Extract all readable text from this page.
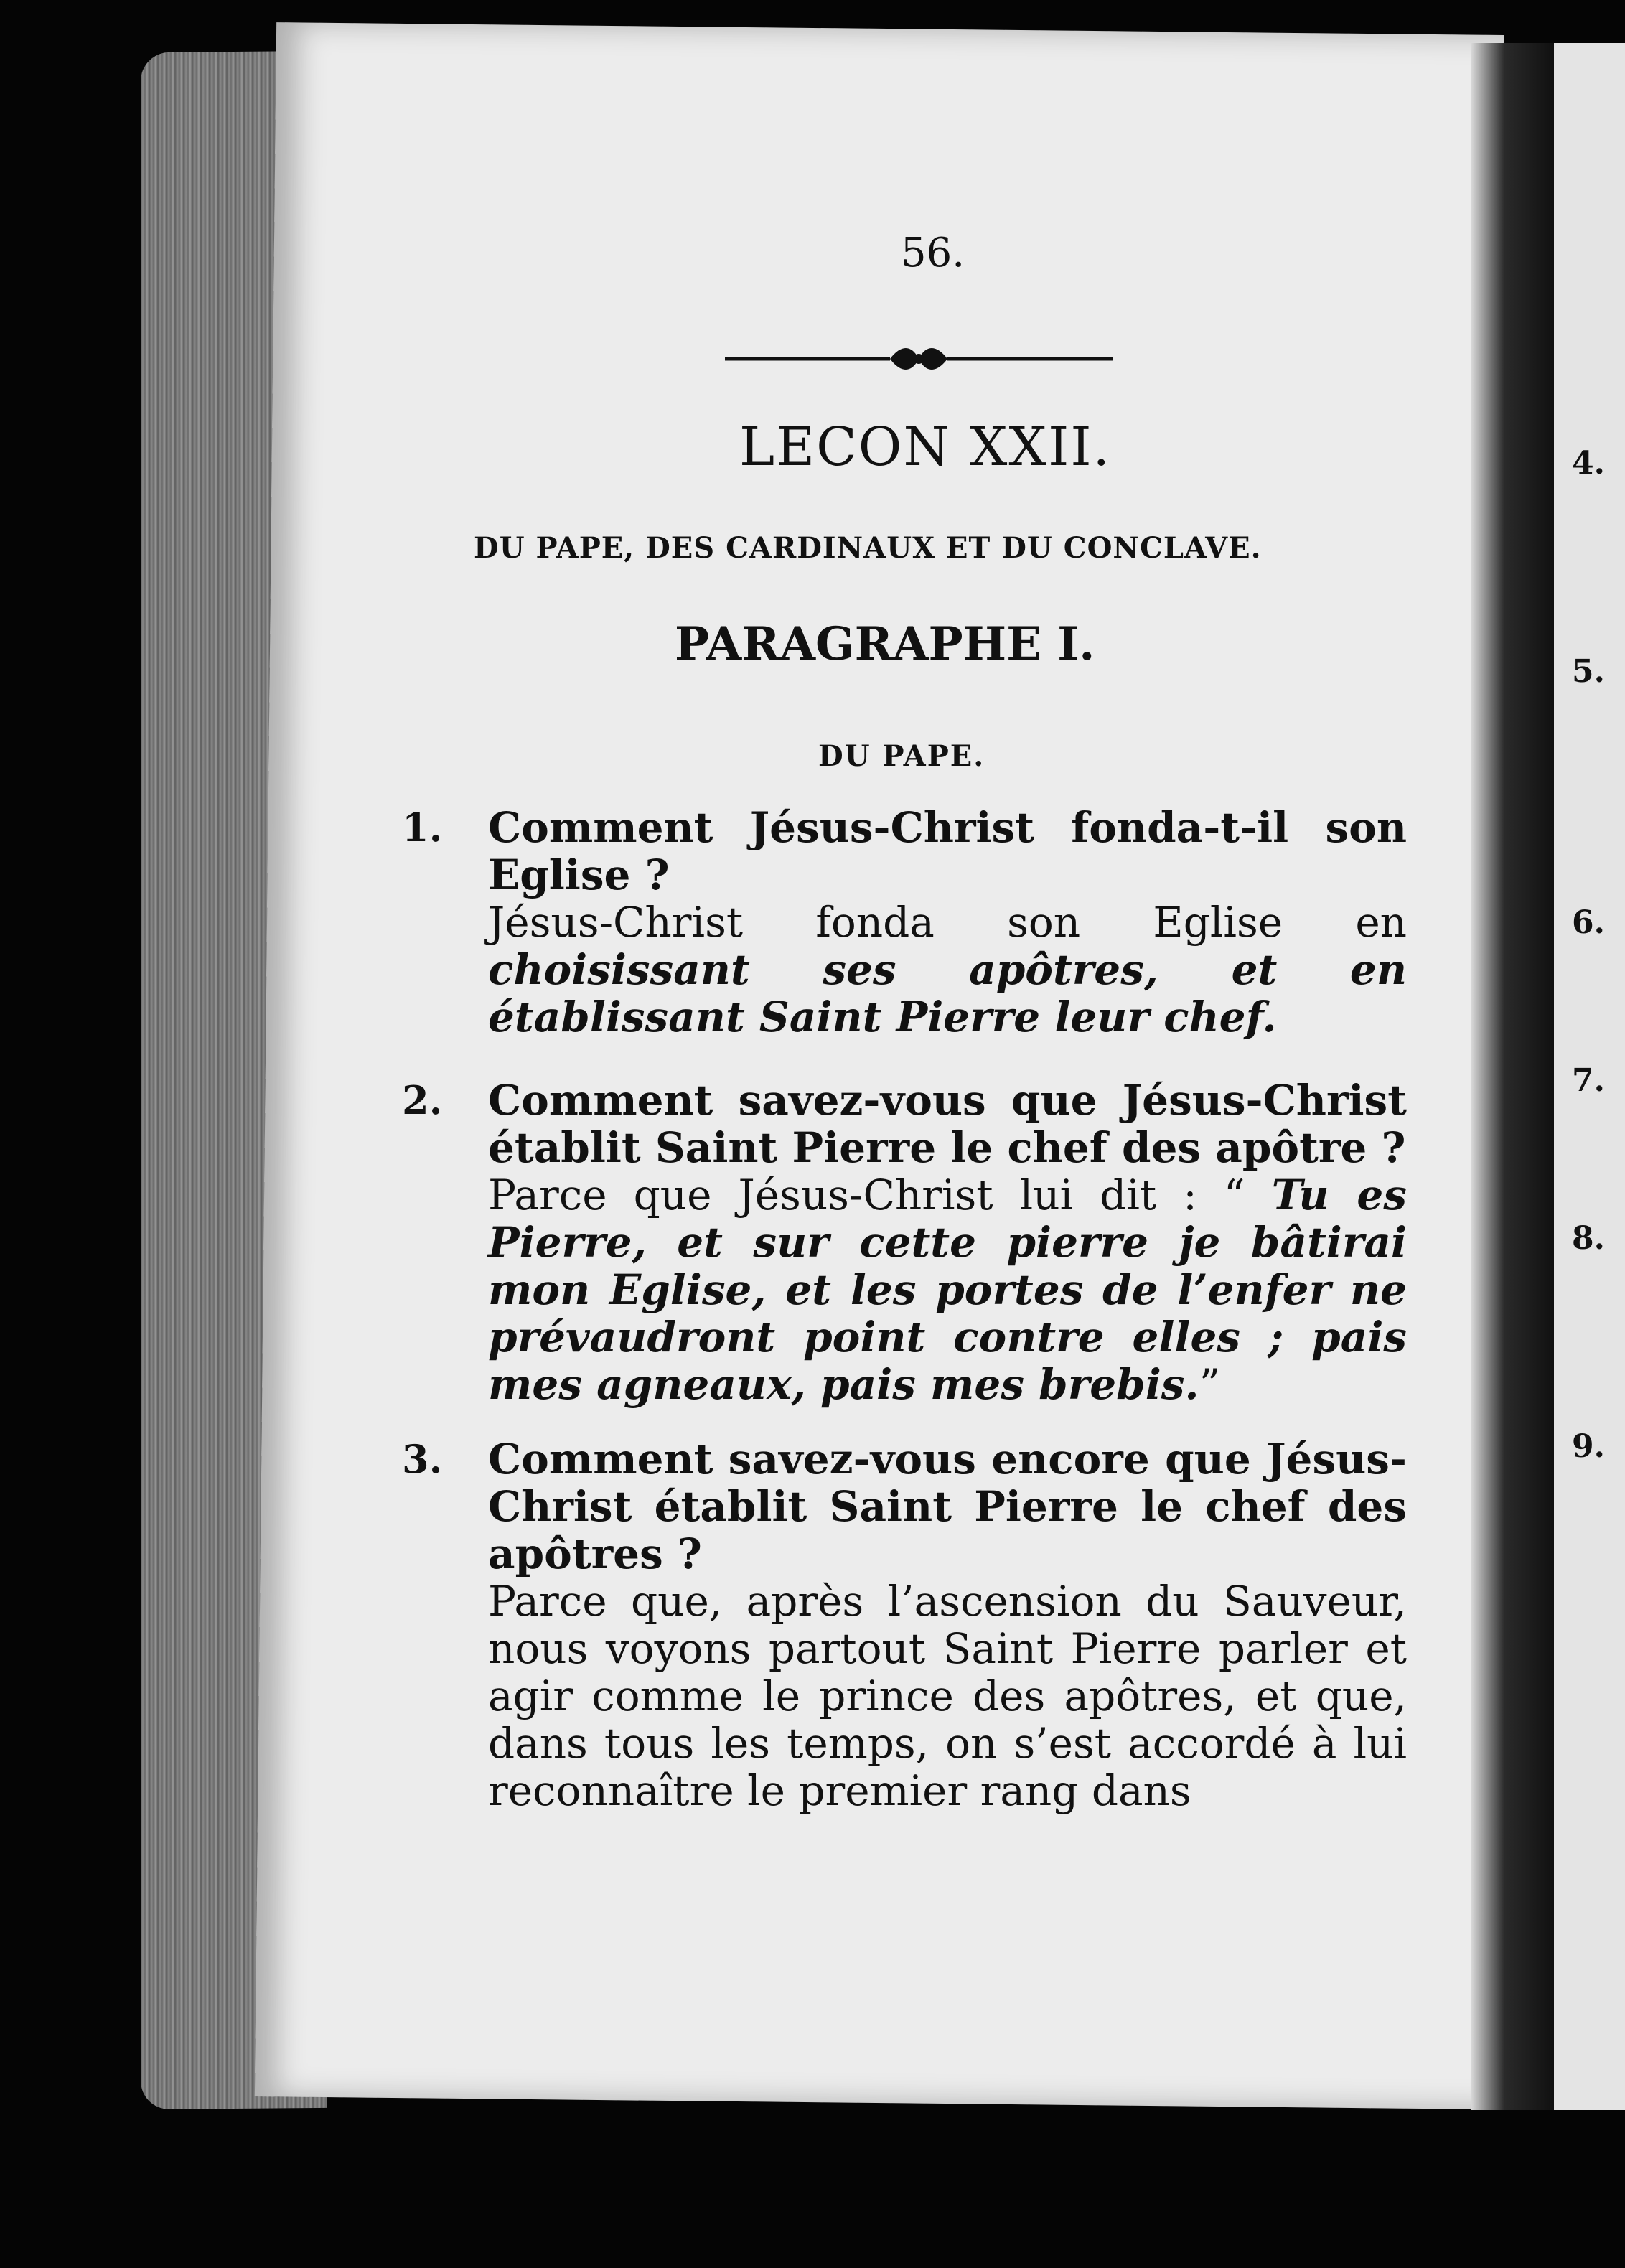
4.
5.
6.
7.
8.
9.
56.
LECON XXII.
DU PAPE, DES CARDINAUX ET DU CONCLAVE.
PARAGRAPHE I.
DU PAPE.
1. Comment Jésus-Christ fonda-t-il son Eglise ?
Jésus-Christ fonda son Eglise en choisissant ses apôtres, et en établissant Saint Pierre leur chef.
2. Comment savez-vous que Jésus-Christ établit Saint Pierre le chef des apôtre ?
Parce que Jésus-Christ lui dit : “ Tu es Pierre, et sur cette pierre je bâtirai mon Eglise, et les portes de l’enfer ne prévaudront point contre elles ; pais mes agneaux, pais mes brebis.”
3. Comment savez-vous encore que Jésus-Christ établit Saint Pierre le chef des apôtres ?
Parce que, après l’ascension du Sauveur, nous voyons partout Saint Pierre parler et agir comme le prince des apôtres, et que, dans tous les temps, on s’est accordé à lui reconnaître le premier rang dans
